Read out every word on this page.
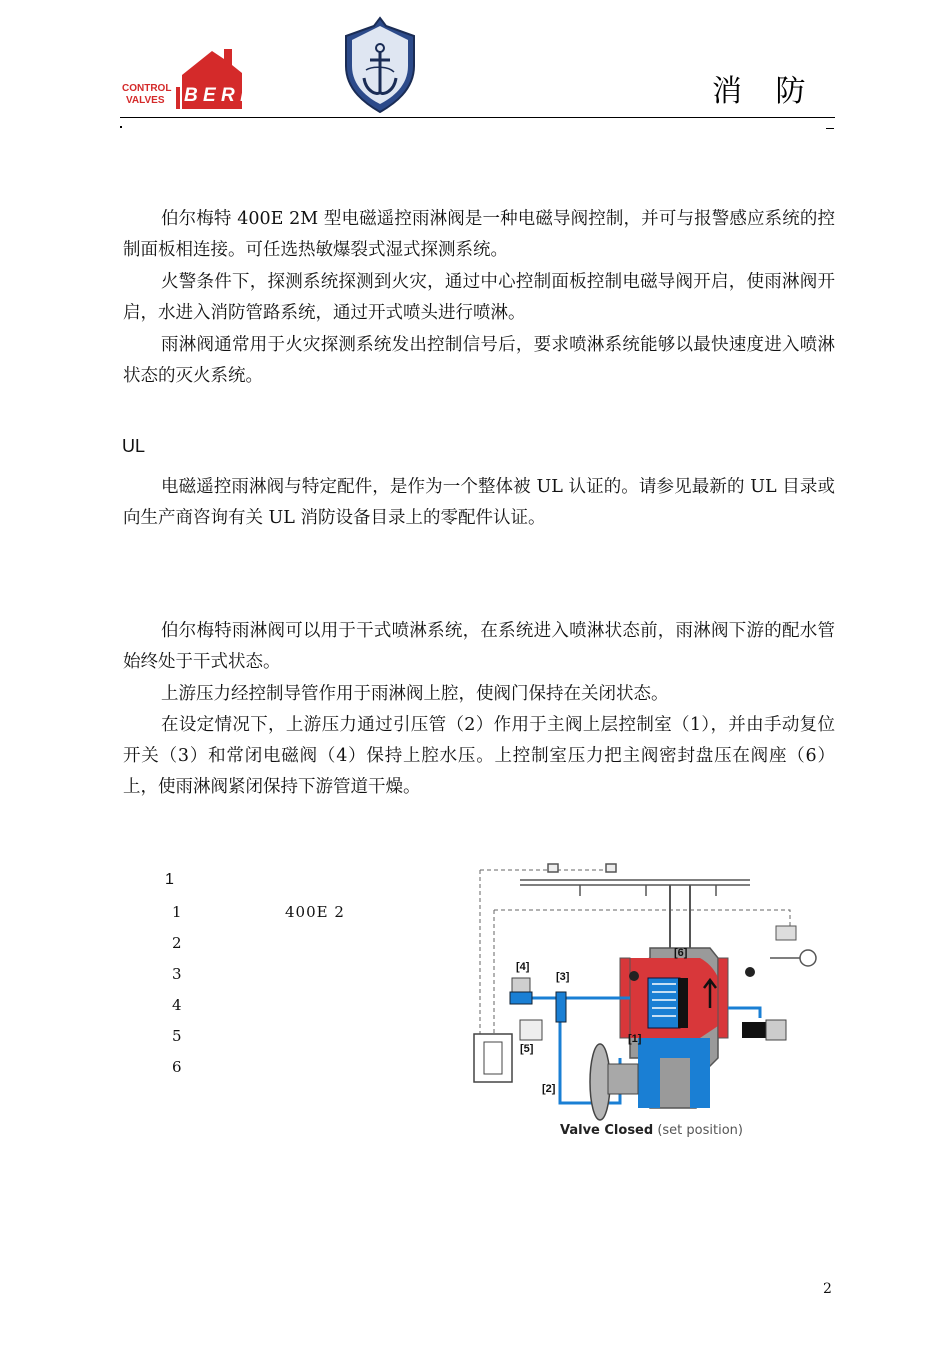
CONTROL
VALVES BERMAD	消 防

伯尔梅特 400E 2M 型电磁遥控雨淋阀是一种电磁导阀控制，并可与报警感应系统的控制面板相连接。可任选热敏爆裂式湿式探测系统。

火警条件下，探测系统探测到火灾，通过中心控制面板控制电磁导阀开启，使雨淋阀开启，水进入消防管路系统，通过开式喷头进行喷淋。

雨淋阀通常用于火灾探测系统发出控制信号后，要求喷淋系统能够以最快速度进入喷淋状态的灭火系统。

UL

电磁遥控雨淋阀与特定配件，是作为一个整体被 UL 认证的。请参见最新的 UL 目录或向生产商咨询有关 UL 消防设备目录上的零配件认证。

伯尔梅特雨淋阀可以用于干式喷淋系统，在系统进入喷淋状态前，雨淋阀下游的配水管始终处于干式状态。

上游压力经控制导管作用于雨淋阀上腔，使阀门保持在关闭状态。

在设定情况下，上游压力通过引压管（2）作用于主阀上层控制室（1），并由手动复位开关（3）和常闭电磁阀（4）保持上腔水压。上控制室压力把主阀密封盘压在阀座（6）上，使雨淋阀紧闭保持下游管道干燥。

1
1	400E 2
2
3
4
5
6
[4]
[3]
[6]
[5]
[1]
[2]
Valve Closed (set position)
2
